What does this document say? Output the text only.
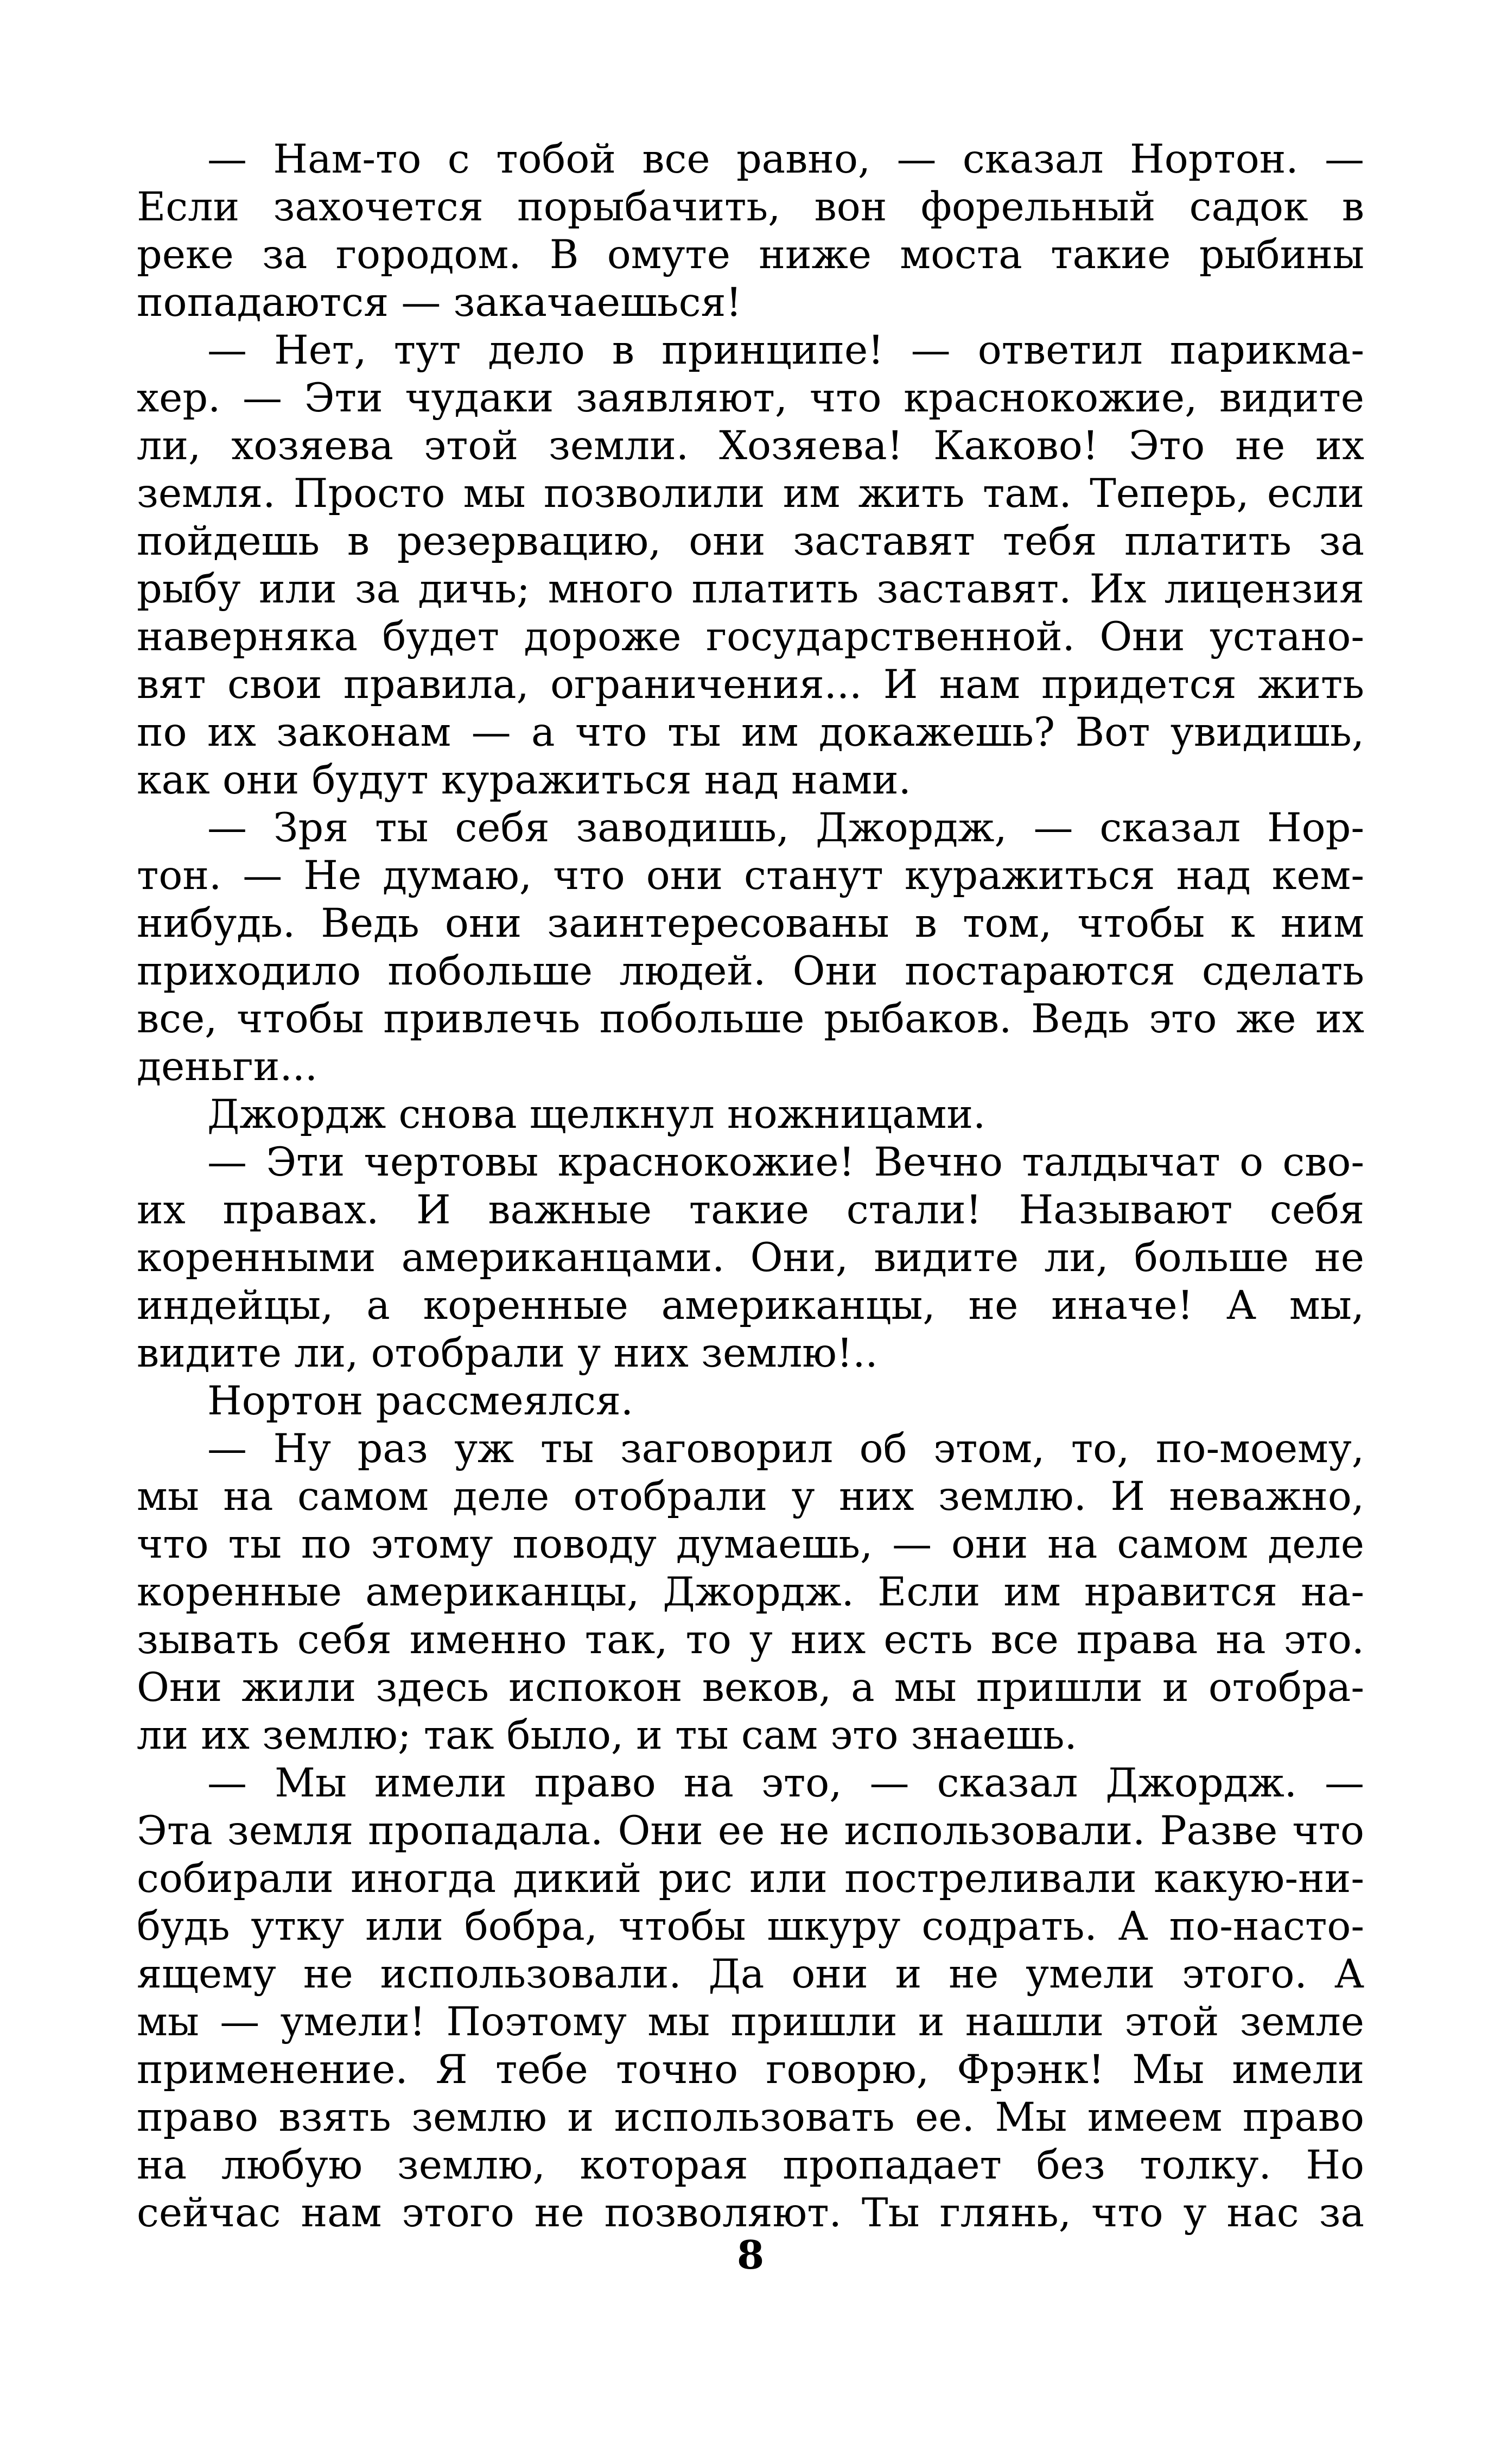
— Нам-то с тобой все равно, — сказал Нортон. —
Если захочется порыбачить, вон форельный садок в
реке за городом. В омуте ниже моста такие рыбины
попадаются — закачаешься!
— Нет, тут дело в принципе! — ответил парикма-
хер. — Эти чудаки заявляют, что краснокожие, видите
ли, хозяева этой земли. Хозяева! Каково! Это не их
земля. Просто мы позволили им жить там. Теперь, если
пойдешь в резервацию, они заставят тебя платить за
рыбу или за дичь; много платить заставят. Их лицензия
наверняка будет дороже государственной. Они устано-
вят свои правила, ограничения... И нам придется жить
по их законам — а что ты им докажешь? Вот увидишь,
как они будут куражиться над нами.
— Зря ты себя заводишь, Джордж, — сказал Нор-
тон. — Не думаю, что они станут куражиться над кем-
нибудь. Ведь они заинтересованы в том, чтобы к ним
приходило побольше людей. Они постараются сделать
все, чтобы привлечь побольше рыбаков. Ведь это же их
деньги...
Джордж снова щелкнул ножницами.
— Эти чертовы краснокожие! Вечно талдычат о сво-
их правах. И важные такие стали! Называют себя
коренными американцами. Они, видите ли, больше не
индейцы, а коренные американцы, не иначе! А мы,
видите ли, отобрали у них землю!..
Нортон рассмеялся.
— Ну раз уж ты заговорил об этом, то, по-моему,
мы на самом деле отобрали у них землю. И неважно,
что ты по этому поводу думаешь, — они на самом деле
коренные американцы, Джордж. Если им нравится на-
зывать себя именно так, то у них есть все права на это.
Они жили здесь испокон веков, а мы пришли и отобра-
ли их землю; так было, и ты сам это знаешь.
— Мы имели право на это, — сказал Джордж. —
Эта земля пропадала. Они ее не использовали. Разве что
собирали иногда дикий рис или постреливали какую-ни-
будь утку или бобра, чтобы шкуру содрать. А по-насто-
ящему не использовали. Да они и не умели этого. А
мы — умели! Поэтому мы пришли и нашли этой земле
применение. Я тебе точно говорю, Фрэнк! Мы имели
право взять землю и использовать ее. Мы имеем право
на любую землю, которая пропадает без толку. Но
сейчас нам этого не позволяют. Ты глянь, что у нас за
8
